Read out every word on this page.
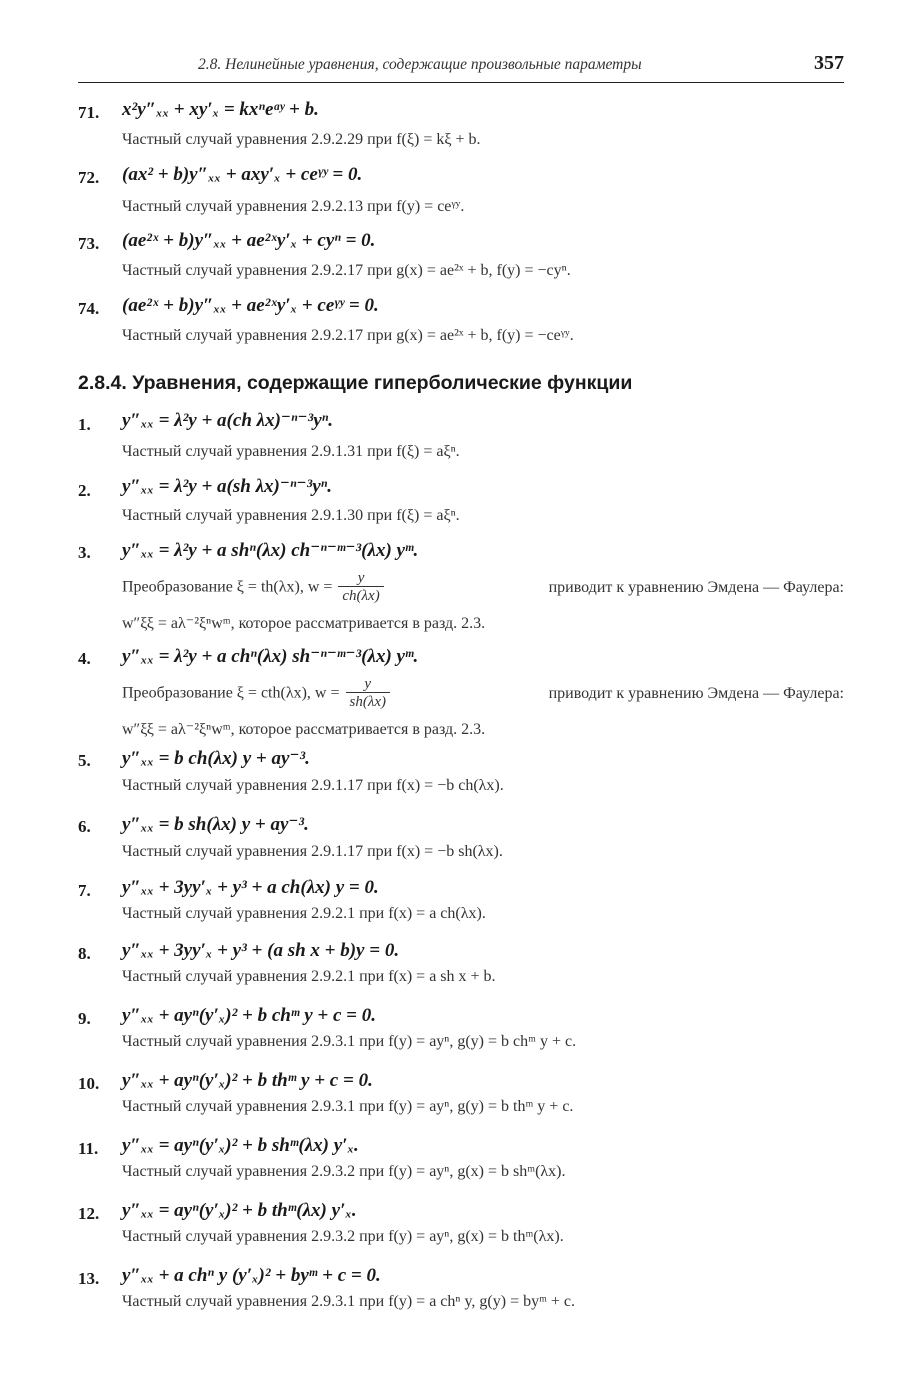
2.8. Нелинейные уравнения, содержащие произвольные параметры	357
71. x²y″ₓₓ + xy′ₓ = kxⁿeᵃʸ + b.
Частный случай уравнения 2.9.2.29 при f(ξ) = kξ + b.
72. (ax² + b)y″ₓₓ + axy′ₓ + ceᵞʸ = 0.
Частный случай уравнения 2.9.2.13 при f(y) = ceᵞʸ.
73. (ae²ˣ + b)y″ₓₓ + ae²ˣy′ₓ + cyⁿ = 0.
Частный случай уравнения 2.9.2.17 при g(x) = ae²ˣ + b, f(y) = −cyⁿ.
74. (ae²ˣ + b)y″ₓₓ + ae²ˣy′ₓ + ceᵞʸ = 0.
Частный случай уравнения 2.9.2.17 при g(x) = ae²ˣ + b, f(y) = −ceᵞʸ.
2.8.4. Уравнения, содержащие гиперболические функции
1. y″ₓₓ = λ²y + a(ch λx)⁻ⁿ⁻³yⁿ.
Частный случай уравнения 2.9.1.31 при f(ξ) = aξⁿ.
2. y″ₓₓ = λ²y + a(sh λx)⁻ⁿ⁻³yⁿ.
Частный случай уравнения 2.9.1.30 при f(ξ) = aξⁿ.
3. y″ₓₓ = λ²y + a shⁿ(λx) ch⁻ⁿ⁻ᵐ⁻³(λx) yᵐ.
Преобразование ξ = th(λx), $w = \frac{y}{ch(\lambda x)}$	приводит к уравнению Эмдена — Фаулера:
w″ξξ = aλ⁻²ξⁿwᵐ, которое рассматривается в разд. 2.3.
4. y″ₓₓ = λ²y + a chⁿ(λx) sh⁻ⁿ⁻ᵐ⁻³(λx) yᵐ.
Преобразование ξ = cth(λx), $w = \frac{y}{sh(\lambda x)}$	приводит к уравнению Эмдена — Фаулера:
w″ξξ = aλ⁻²ξⁿwᵐ, которое рассматривается в разд. 2.3.
5. y″ₓₓ = b ch(λx) y + ay⁻³.
Частный случай уравнения 2.9.1.17 при f(x) = −b ch(λx).
6. y″ₓₓ = b sh(λx) y + ay⁻³.
Частный случай уравнения 2.9.1.17 при f(x) = −b sh(λx).
7. y″ₓₓ + 3yy′ₓ + y³ + a ch(λx) y = 0.
Частный случай уравнения 2.9.2.1 при f(x) = a ch(λx).
8. y″ₓₓ + 3yy′ₓ + y³ + (a sh x + b)y = 0.
Частный случай уравнения 2.9.2.1 при f(x) = a sh x + b.
9. y″ₓₓ + ayⁿ(y′ₓ)² + b chᵐ y + c = 0.
Частный случай уравнения 2.9.3.1 при f(y) = ayⁿ, g(y) = b chᵐ y + c.
10. y″ₓₓ + ayⁿ(y′ₓ)² + b thᵐ y + c = 0.
Частный случай уравнения 2.9.3.1 при f(y) = ayⁿ, g(y) = b thᵐ y + c.
11. y″ₓₓ = ayⁿ(y′ₓ)² + b shᵐ(λx) y′ₓ.
Частный случай уравнения 2.9.3.2 при f(y) = ayⁿ, g(x) = b shᵐ(λx).
12. y″ₓₓ = ayⁿ(y′ₓ)² + b thᵐ(λx) y′ₓ.
Частный случай уравнения 2.9.3.2 при f(y) = ayⁿ, g(x) = b thᵐ(λx).
13. y″ₓₓ + a chⁿ y (y′ₓ)² + byᵐ + c = 0.
Частный случай уравнения 2.9.3.1 при f(y) = a chⁿ y, g(y) = byᵐ + c.
